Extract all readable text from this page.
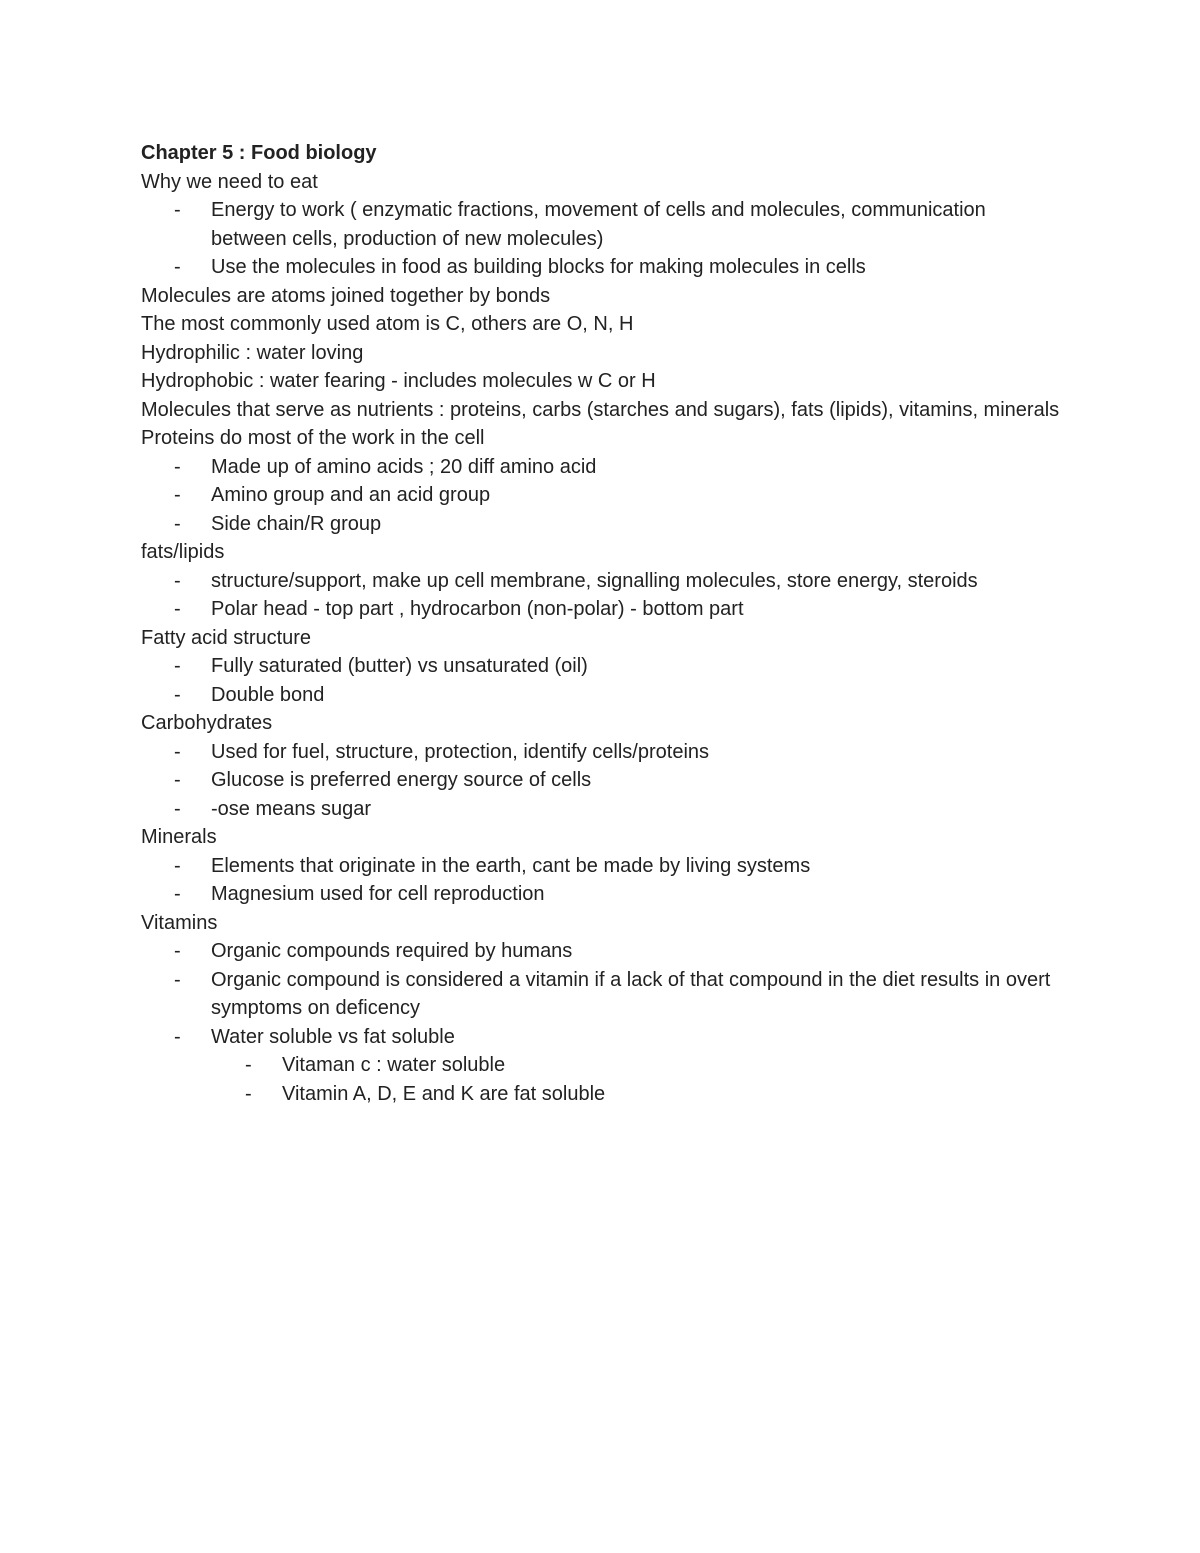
Chapter 5 : Food biology

Why we need to eat

- Energy to work ( enzymatic fractions, movement of cells and molecules, communication between cells, production of new molecules)

- Use the molecules in food as building blocks for making molecules in cells

Molecules are atoms joined together by bonds

The most commonly used atom is C, others are O, N, H

Hydrophilic : water loving

Hydrophobic : water fearing - includes molecules w C or H

Molecules that serve as nutrients : proteins, carbs (starches and sugars), fats (lipids), vitamins, minerals

Proteins do most of the work in the cell

- Made up of amino acids ; 20 diff amino acid

- Amino group and an acid group

- Side chain/R group

fats/lipids

- structure/support, make up cell membrane, signalling molecules, store energy, steroids

- Polar head - top part , hydrocarbon (non-polar) - bottom part

Fatty acid structure

- Fully saturated (butter) vs unsaturated (oil)

- Double bond

Carbohydrates

- Used for fuel, structure, protection, identify cells/proteins

- Glucose is preferred energy source of cells

- -ose means sugar

Minerals

- Elements that originate in the earth, cant be made by living systems

- Magnesium used for cell reproduction

Vitamins

- Organic compounds required by humans

- Organic compound is considered a vitamin if a lack of that compound in the diet results in overt symptoms on deficency

- Water soluble vs fat soluble

- Vitaman c : water soluble

- Vitamin A, D, E and K are fat soluble
